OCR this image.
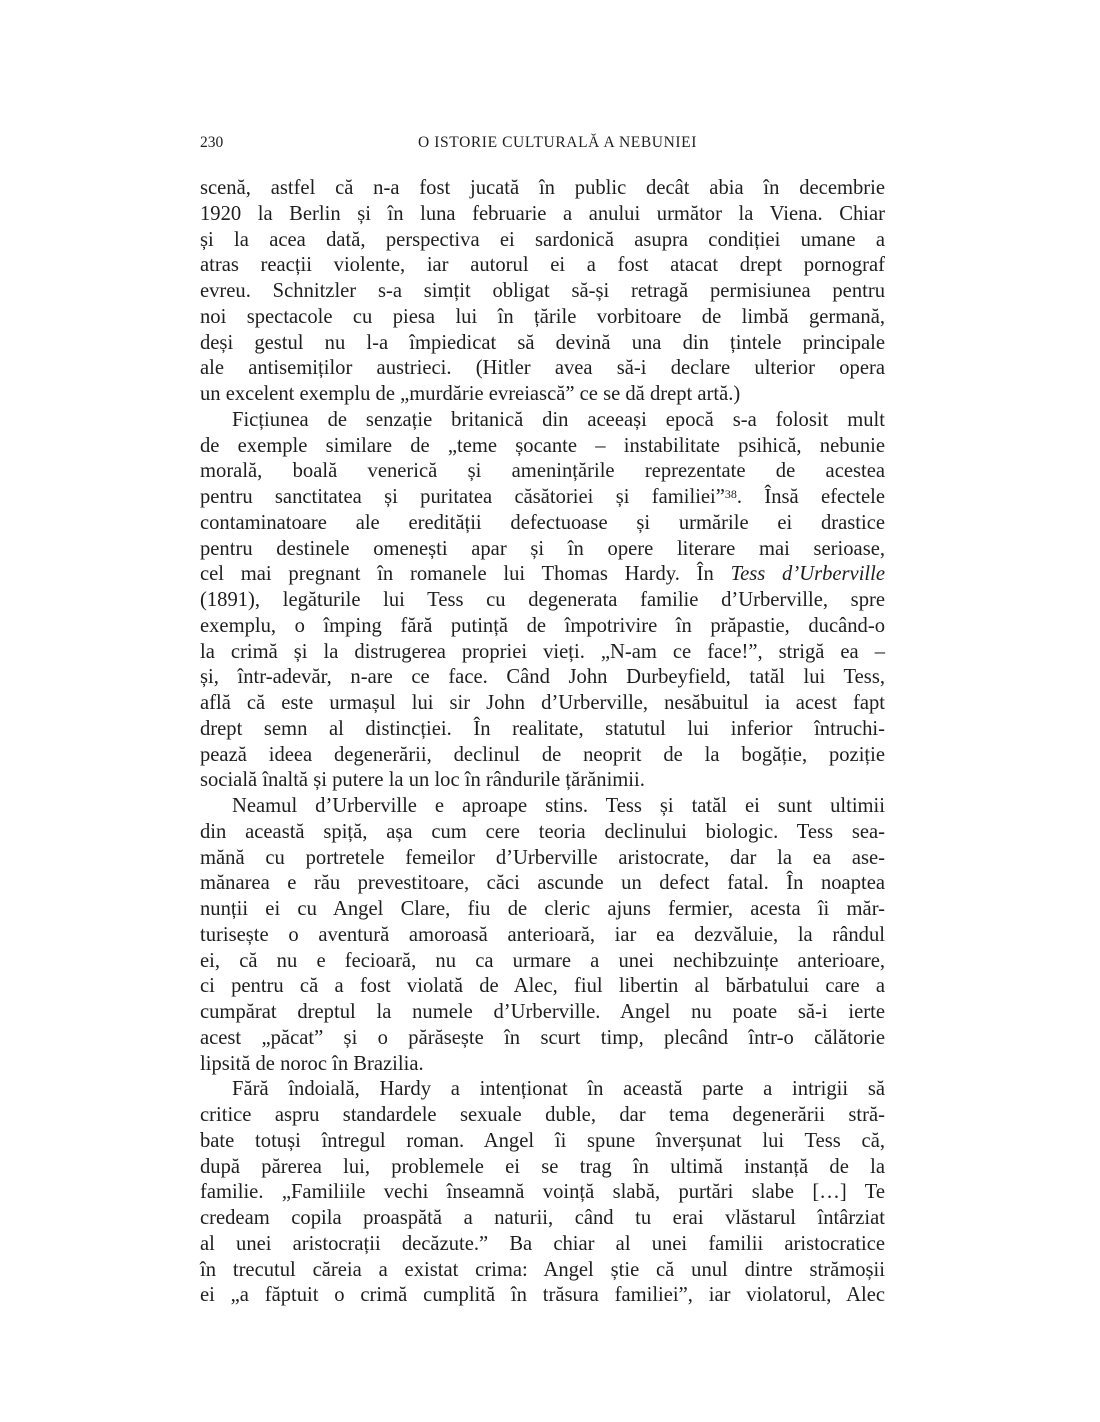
230	O ISTORIE CULTURALĂ A NEBUNIEI
scenă, astfel că n-a fost jucată în public decât abia în decembrie
1920 la Berlin și în luna februarie a anului următor la Viena. Chiar
și la acea dată, perspectiva ei sardonică asupra condiției umane a
atras reacții violente, iar autorul ei a fost atacat drept pornograf
evreu. Schnitzler s-a simțit obligat să-și retragă permisiunea pentru
noi spectacole cu piesa lui în țările vorbitoare de limbă germană,
deși gestul nu l-a împiedicat să devină una din țintele principale
ale antisemiților austrieci. (Hitler avea să-i declare ulterior opera
un excelent exemplu de „murdărie evreiască” ce se dă drept artă.)
Ficțiunea de senzație britanică din aceeași epocă s-a folosit mult
de exemple similare de „teme șocante – instabilitate psihică, nebunie
morală, boală venerică și amenințările reprezentate de acestea
pentru sanctitatea și puritatea căsătoriei și familiei”$^{38}$. Însă efectele
contaminatoare ale eredității defectuoase și urmările ei drastice
pentru destinele omenești apar și în opere literare mai serioase,
cel mai pregnant în romanele lui Thomas Hardy. În Tess d’Urberville
(1891), legăturile lui Tess cu degenerata familie d’Urberville, spre
exemplu, o împing fără putință de împotrivire în prăpastie, ducând-o
la crimă și la distrugerea propriei vieți. „N-am ce face!”, strigă ea –
și, într-adevăr, n-are ce face. Când John Durbeyfield, tatăl lui Tess,
află că este urmașul lui sir John d’Urberville, nesăbuitul ia acest fapt
drept semn al distincției. În realitate, statutul lui inferior întruchi-
pează ideea degenerării, declinul de neoprit de la bogăție, poziție
socială înaltă și putere la un loc în rândurile țărănimii.
Neamul d’Urberville e aproape stins. Tess și tatăl ei sunt ultimii
din această spiță, așa cum cere teoria declinului biologic. Tess sea-
mănă cu portretele femeilor d’Urberville aristocrate, dar la ea ase-
mănarea e rău prevestitoare, căci ascunde un defect fatal. În noaptea
nunții ei cu Angel Clare, fiu de cleric ajuns fermier, acesta îi măr-
turisește o aventură amoroasă anterioară, iar ea dezvăluie, la rândul
ei, că nu e fecioară, nu ca urmare a unei nechibzuințe anterioare,
ci pentru că a fost violată de Alec, fiul libertin al bărbatului care a
cumpărat dreptul la numele d’Urberville. Angel nu poate să-i ierte
acest „păcat” și o părăsește în scurt timp, plecând într-o călătorie
lipsită de noroc în Brazilia.
Fără îndoială, Hardy a intenționat în această parte a intrigii să
critice aspru standardele sexuale duble, dar tema degenerării stră-
bate totuși întregul roman. Angel îi spune înverșunat lui Tess că,
după părerea lui, problemele ei se trag în ultimă instanță de la
familie. „Familiile vechi înseamnă voință slabă, purtări slabe […] Te
credeam copila proaspătă a naturii, când tu erai vlăstarul întârziat
al unei aristocrații decăzute.” Ba chiar al unei familii aristocratice
în trecutul căreia a existat crima: Angel știe că unul dintre strămoșii
ei „a făptuit o crimă cumplită în trăsura familiei”, iar violatorul, Alec
